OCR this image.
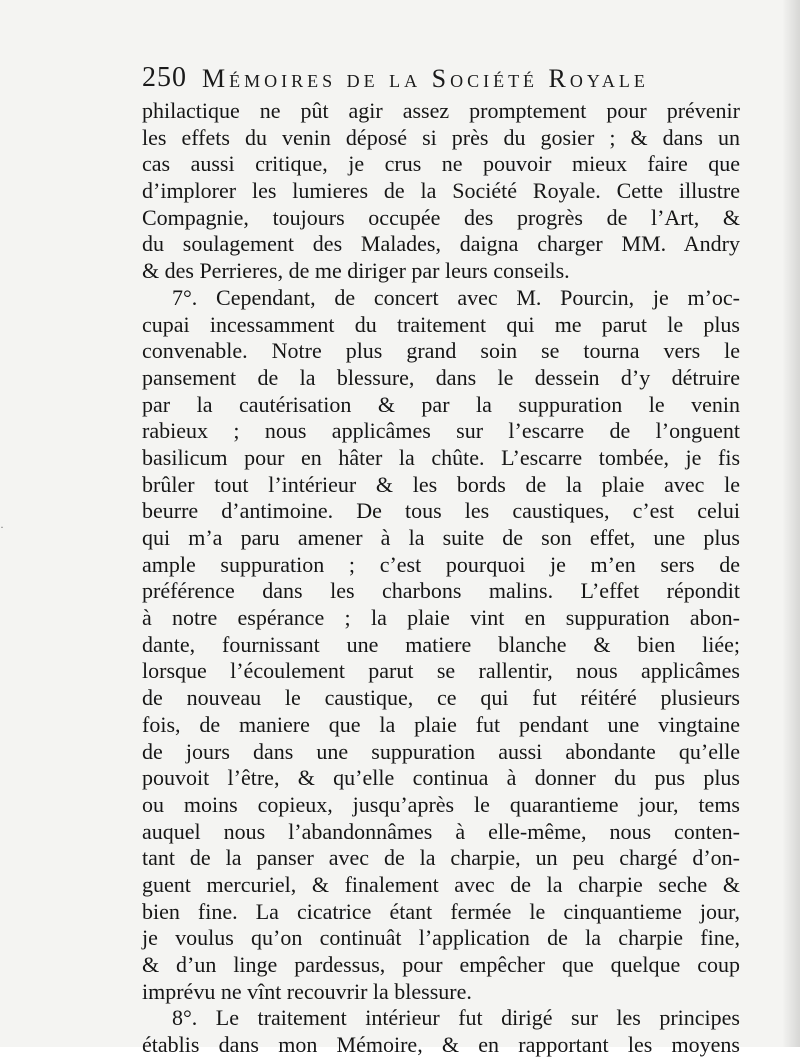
250 Mémoires de la Société Royale
philactique ne pût agir assez promptement pour prévenir
les effets du venin déposé si près du gosier ; & dans un
cas aussi critique, je crus ne pouvoir mieux faire que
d’implorer les lumieres de la Société Royale. Cette illustre
Compagnie, toujours occupée des progrès de l’Art, &
du soulagement des Malades, daigna charger MM. Andry
& des Perrieres, de me diriger par leurs conseils.
7°. Cependant, de concert avec M. Pourcin, je m’oc-
cupai incessamment du traitement qui me parut le plus
convenable. Notre plus grand soin se tourna vers le
pansement de la blessure, dans le dessein d’y détruire
par la cautérisation & par la suppuration le venin
rabieux ; nous applicâmes sur l’escarre de l’onguent
basilicum pour en hâter la chûte. L’escarre tombée, je fis
brûler tout l’intérieur & les bords de la plaie avec le
beurre d’antimoine. De tous les caustiques, c’est celui
qui m’a paru amener à la suite de son effet, une plus
ample suppuration ; c’est pourquoi je m’en sers de
préférence dans les charbons malins. L’effet répondit
à notre espérance ; la plaie vint en suppuration abon-
dante, fournissant une matiere blanche & bien liée;
lorsque l’écoulement parut se rallentir, nous applicâmes
de nouveau le caustique, ce qui fut réitéré plusieurs
fois, de maniere que la plaie fut pendant une vingtaine
de jours dans une suppuration aussi abondante qu’elle
pouvoit l’être, & qu’elle continua à donner du pus plus
ou moins copieux, jusqu’après le quarantieme jour, tems
auquel nous l’abandonnâmes à elle-même, nous conten-
tant de la panser avec de la charpie, un peu chargé d’on-
guent mercuriel, & finalement avec de la charpie seche &
bien fine. La cicatrice étant fermée le cinquantieme jour,
je voulus qu’on continuât l’application de la charpie fine,
& d’un linge pardessus, pour empêcher que quelque coup
imprévu ne vînt recouvrir la blessure.
8°. Le traitement intérieur fut dirigé sur les principes
établis dans mon Mémoire, & en rapportant les moyens
·
